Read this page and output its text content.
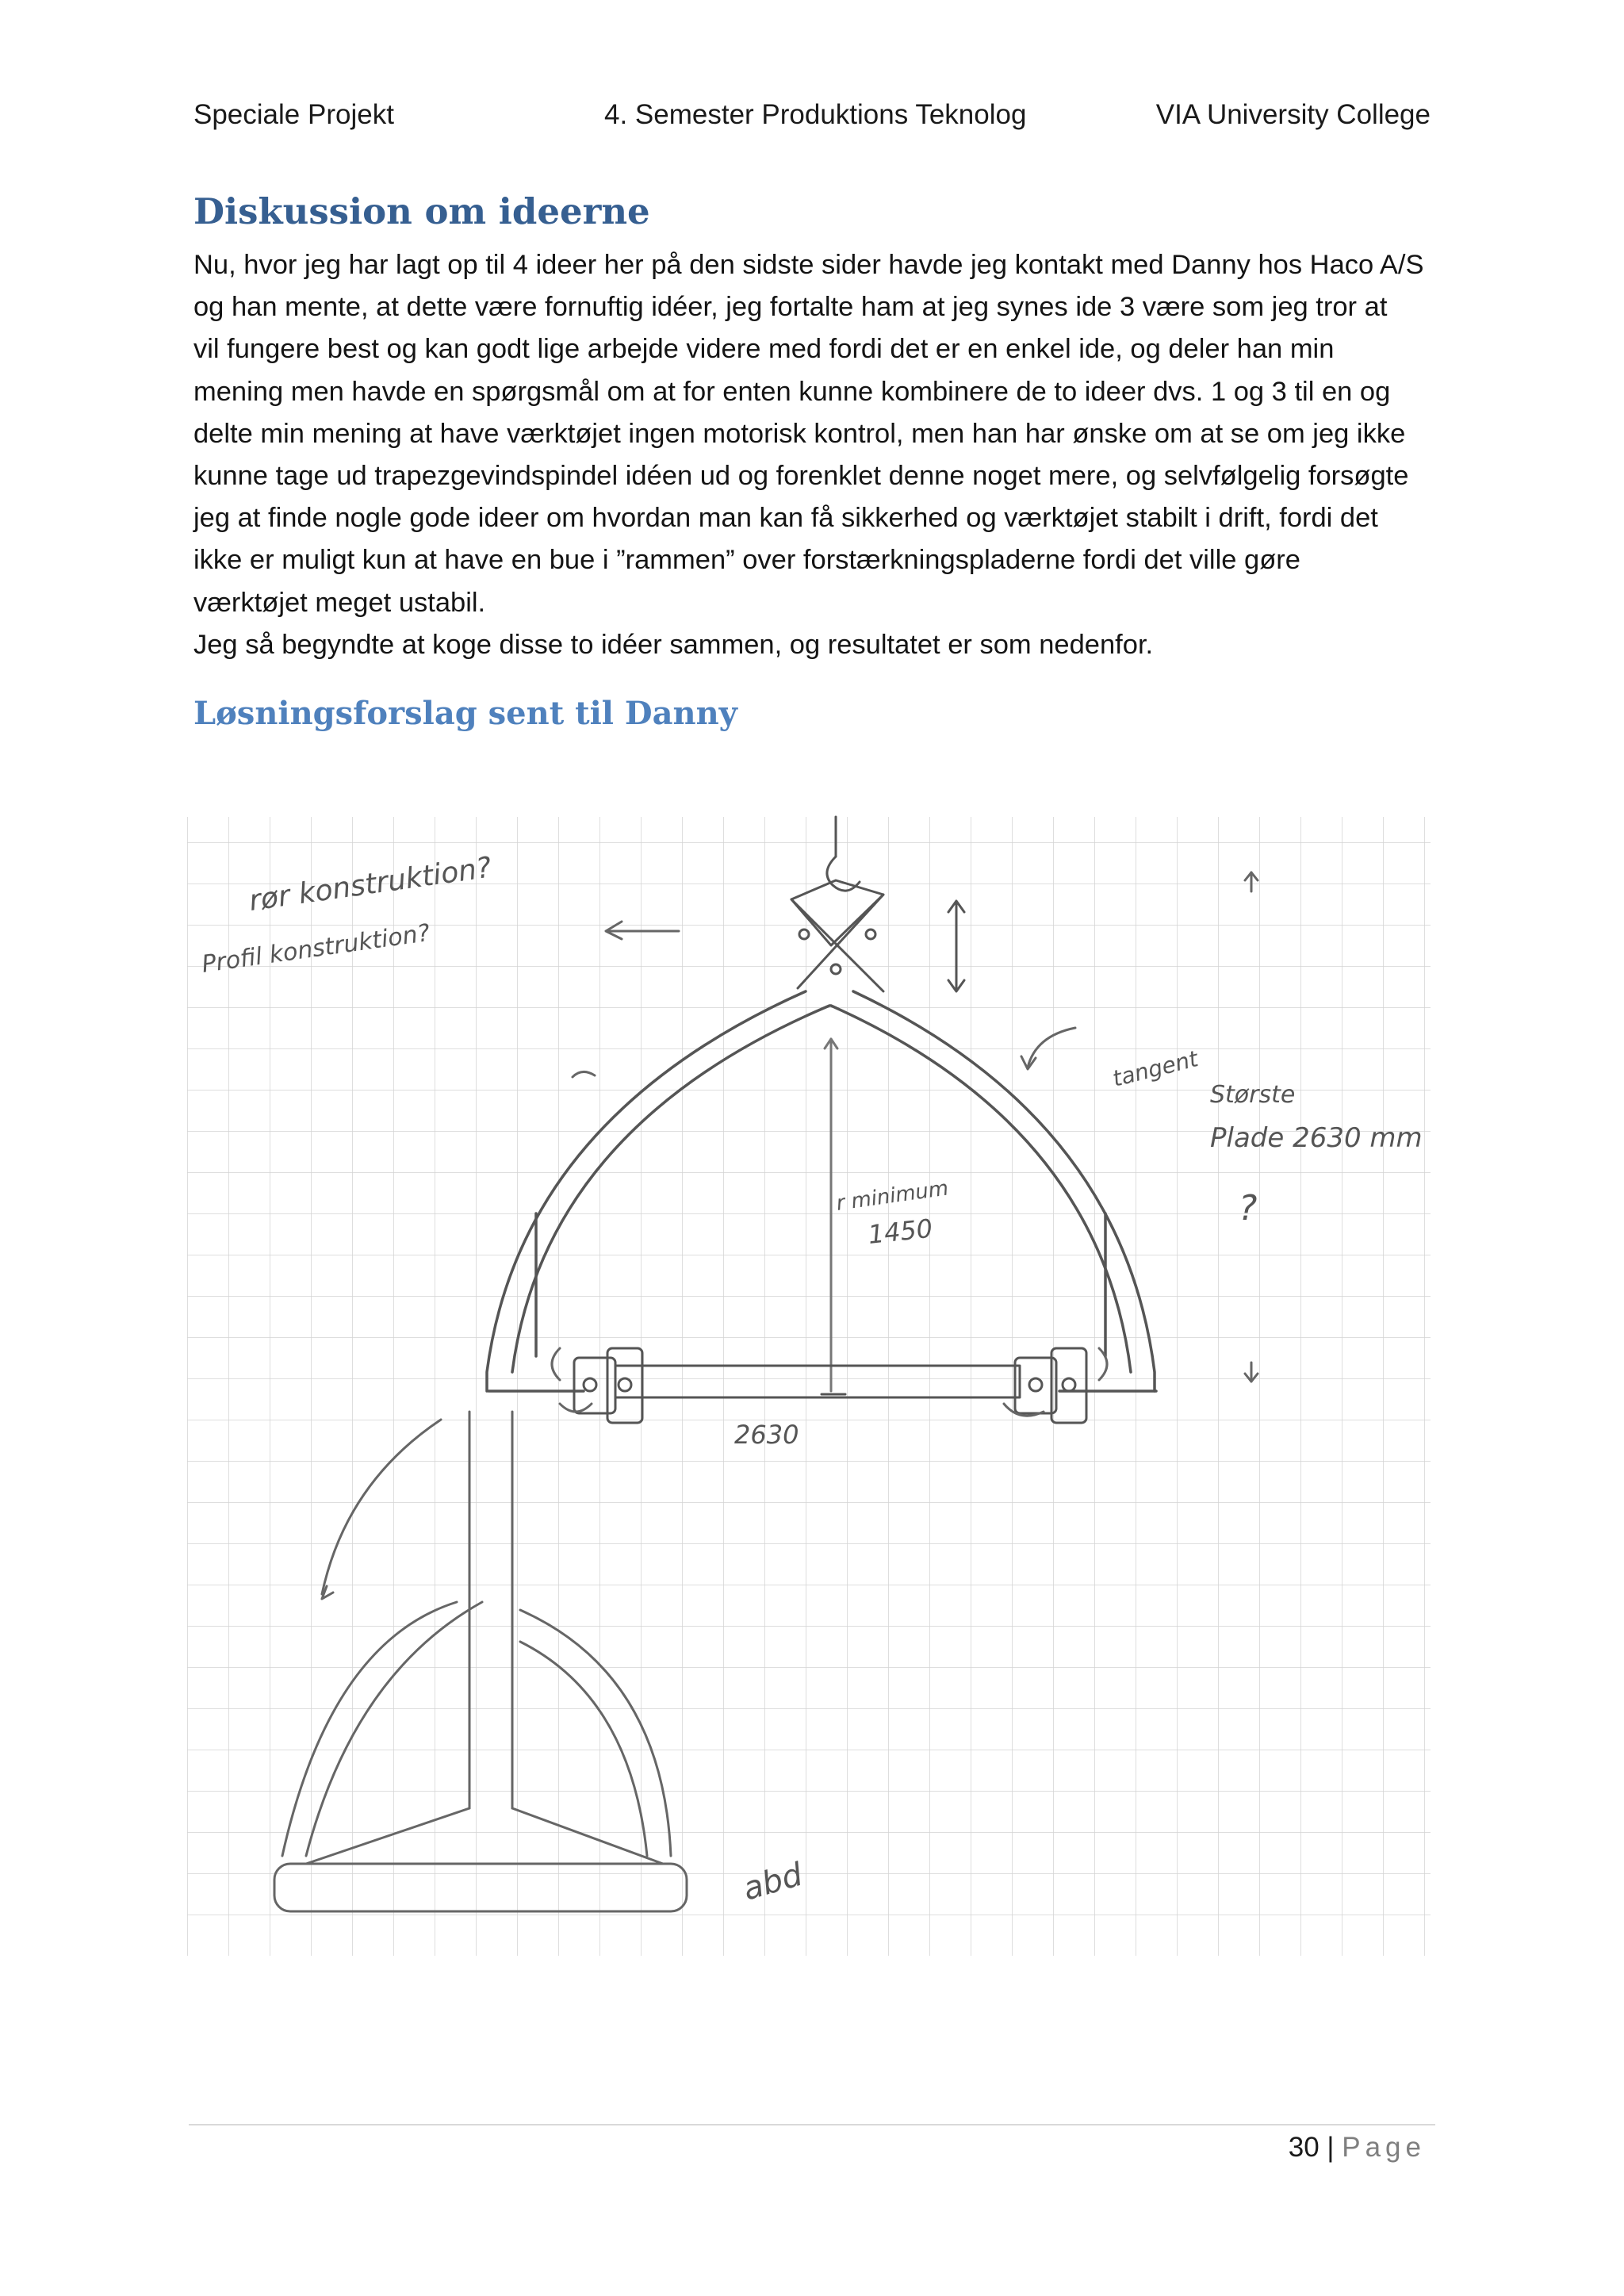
Speciale Projekt	4. Semester Produktions Teknolog	VIA University College
Diskussion om ideerne

Nu, hvor jeg har lagt op til 4 ideer her på den sidste sider havde jeg kontakt med Danny hos Haco A/S
og han mente, at dette være fornuftig idéer, jeg fortalte ham at jeg synes ide 3 være som jeg tror at
vil fungere best og kan godt lige arbejde videre med fordi det er en enkel ide, og deler han min
mening men havde en spørgsmål om at for enten kunne kombinere de to ideer dvs. 1 og 3 til en og
delte min mening at have værktøjet ingen motorisk kontrol, men han har ønske om at se om jeg ikke
kunne tage ud trapezgevindspindel idéen ud og forenklet denne noget mere, og selvfølgelig forsøgte
jeg at finde nogle gode ideer om hvordan man kan få sikkerhed og værktøjet stabilt i drift, fordi det
ikke er muligt kun at have en bue i ”rammen” over forstærkningspladerne fordi det ville gøre
værktøjet meget ustabil.
Jeg så begyndte at koge disse to idéer sammen, og resultatet er som nedenfor.

Løsningsforslag sent til Danny
rør konstruktion?
Profil konstruktion?
tangent
Største
Plade 2630 mm
r minimum
1450
2630
?
abd
30 | Page
